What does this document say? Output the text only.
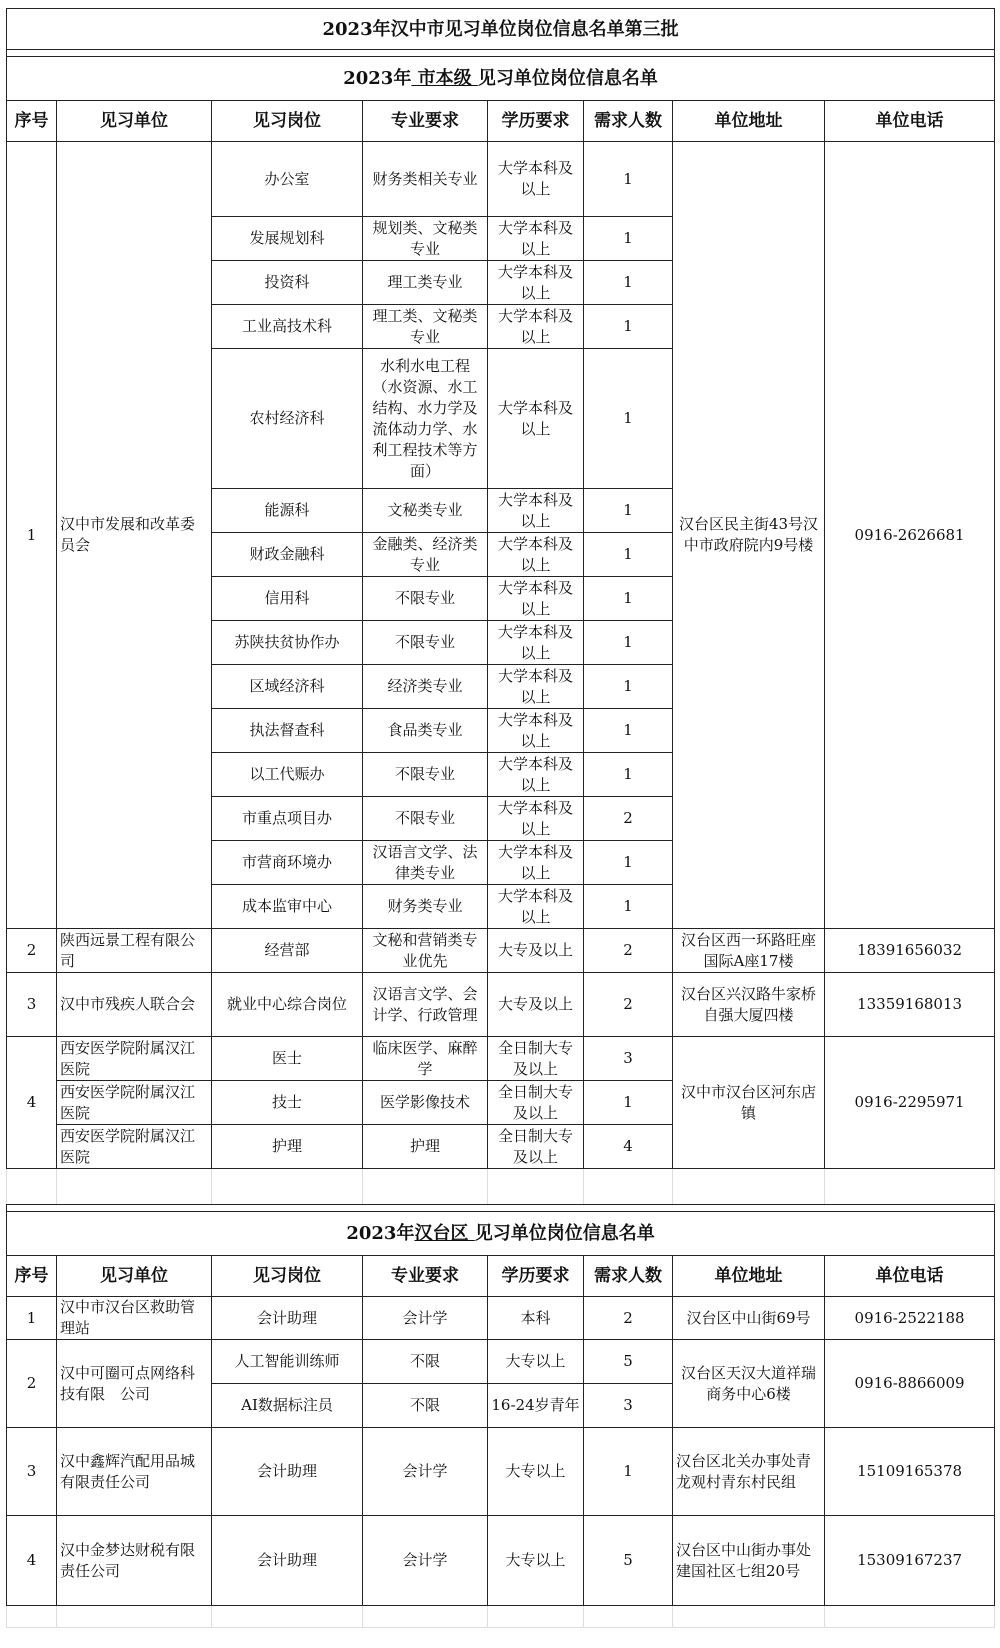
2023年汉中市见习单位岗位信息名单第三批							

2023年 市本级 见习单位岗位信息名单							
序号	见习单位	见习岗位	专业要求	学历要求	需求人数	单位地址	单位电话
1	汉中市发展和改革委员会	办公室	财务类相关专业	大学本科及以上	1	汉台区民主街43号汉中市政府院内9号楼	0916-2626681
		发展规划科	规划类、文秘类专业	大学本科及以上	1		
		投资科	理工类专业	大学本科及以上	1		
		工业高技术科	理工类、文秘类专业	大学本科及以上	1		
		农村经济科	水利水电工程（水资源、水工结构、水力学及流体动力学、水利工程技术等方面）	大学本科及以上	1		
		能源科	文秘类专业	大学本科及以上	1		
		财政金融科	金融类、经济类专业	大学本科及以上	1		
		信用科	不限专业	大学本科及以上	1		
		苏陕扶贫协作办	不限专业	大学本科及以上	1		
		区域经济科	经济类专业	大学本科及以上	1		
		执法督查科	食品类专业	大学本科及以上	1		
		以工代赈办	不限专业	大学本科及以上	1		
		市重点项目办	不限专业	大学本科及以上	2		
		市营商环境办	汉语言文学、法律类专业	大学本科及以上	1		
		成本监审中心	财务类专业	大学本科及以上	1		
2	陕西远景工程有限公司	经营部	文秘和营销类专业优先	大专及以上	2	汉台区西一环路旺座国际A座17楼	18391656032
3	汉中市残疾人联合会	就业中心综合岗位	汉语言文学、会计学、行政管理	大专及以上	2	汉台区兴汉路牛家桥自强大厦四楼	13359168013
4	西安医学院附属汉江医院	医士	临床医学、麻醉学	全日制大专及以上	3	汉中市汉台区河东店镇	0916-2295971
	西安医学院附属汉江医院	技士	医学影像技术	全日制大专及以上	1		
	西安医学院附属汉江医院	护理	护理	全日制大专及以上	4		

2023年汉台区 见习单位岗位信息名单							
序号	见习单位	见习岗位	专业要求	学历要求	需求人数	单位地址	单位电话
1	汉中市汉台区救助管理站	会计助理	会计学	本科	2	汉台区中山街69号	0916-2522188
2	汉中可圈可点网络科技有限　公司	人工智能训练师	不限	大专以上	5	汉台区天汉大道祥瑞 商务中心6楼	0916-8866009
		AI数据标注员	不限	16-24岁青年	3		
3	汉中鑫辉汽配用品城有限责任公司	会计助理	会计学	大专以上	1	汉台区北关办事处青龙观村青东村民组	15109165378
4	汉中金梦达财税有限责任公司	会计助理	会计学	大专以上	5	汉台区中山街办事处 建国社区七组20号	15309167237
